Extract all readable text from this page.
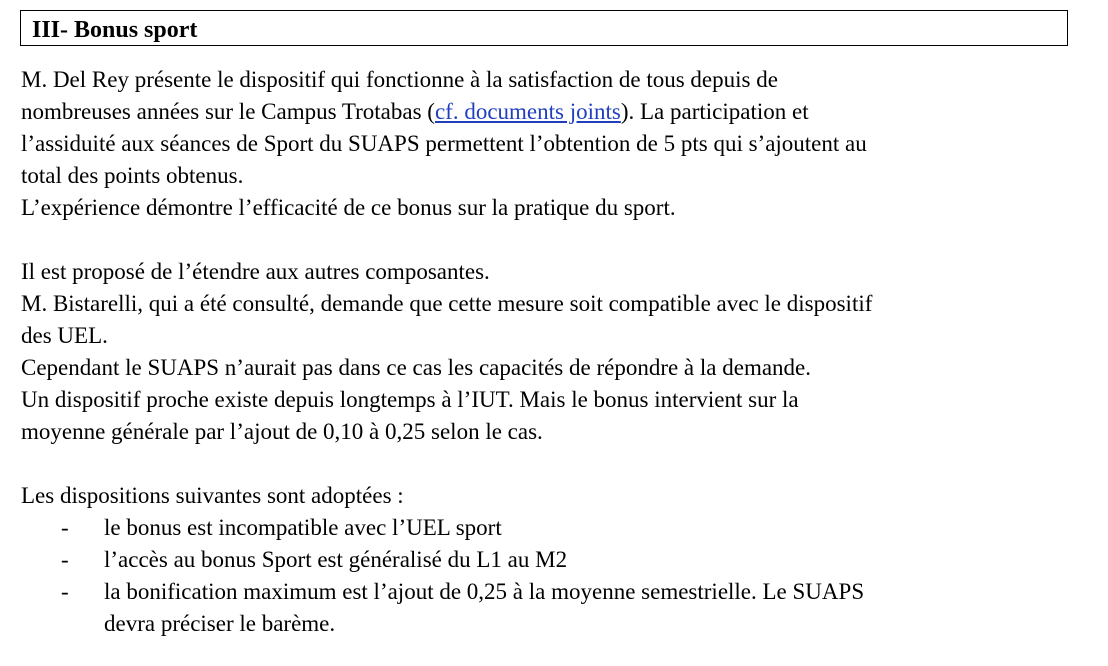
III- Bonus sport
M. Del Rey présente le dispositif qui fonctionne à la satisfaction de tous depuis de
nombreuses années sur le Campus Trotabas (cf. documents joints). La participation et
l’assiduité aux séances de Sport du SUAPS permettent l’obtention de 5 pts qui s’ajoutent au
total des points obtenus.
L’expérience démontre l’efficacité de ce bonus sur la pratique du sport.
Il est proposé de l’étendre aux autres composantes.
M. Bistarelli, qui a été consulté, demande que cette mesure soit compatible avec le dispositif
des UEL.
Cependant le SUAPS n’aurait pas dans ce cas les capacités de répondre à la demande.
Un dispositif proche existe depuis longtemps à l’IUT. Mais le bonus intervient sur la
moyenne générale par l’ajout de 0,10 à 0,25 selon le cas.
Les dispositions suivantes sont adoptées :
- le bonus est incompatible avec l’UEL sport
- l’accès au bonus Sport est généralisé du L1 au M2
- la bonification maximum est l’ajout de 0,25 à la moyenne semestrielle. Le SUAPS
devra préciser le barème.
